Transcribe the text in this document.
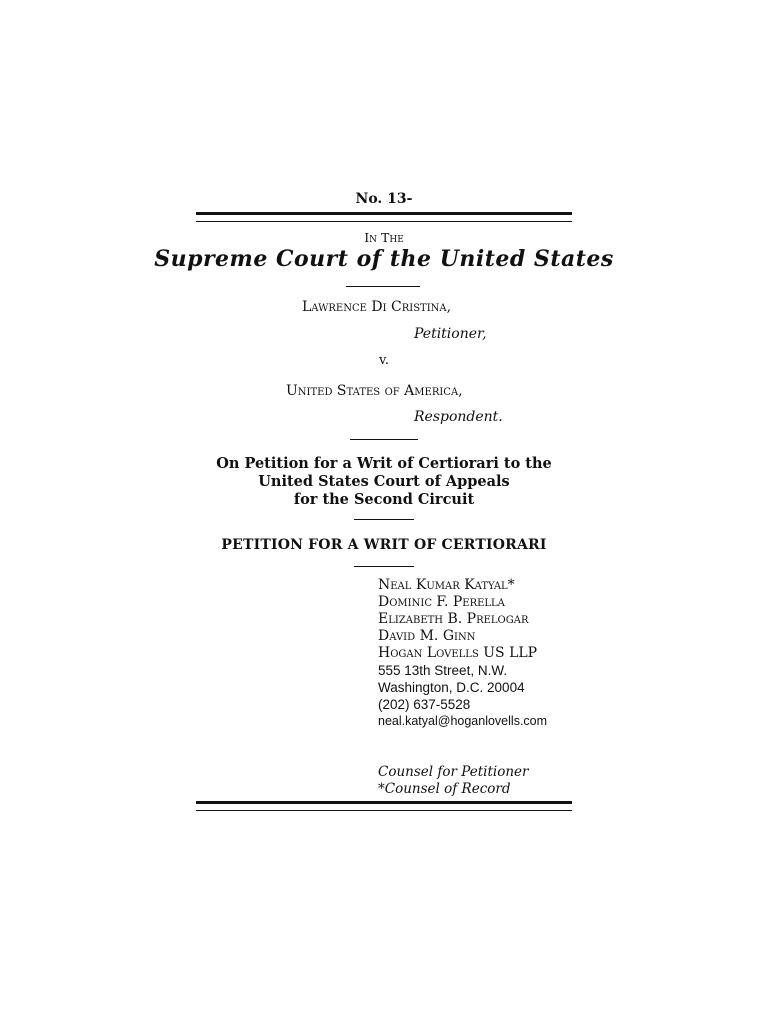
No. 13-
In The
Supreme Court of the United States
Lawrence Di Cristina,
Petitioner,
v.
United States of America,
Respondent.
On Petition for a Writ of Certiorari to the
United States Court of Appeals
for the Second Circuit
PETITION FOR A WRIT OF CERTIORARI
Neal Kumar Katyal*
Dominic F. Perella
Elizabeth B. Prelogar
David M. Ginn
Hogan Lovells US LLP
555 13th Street, N.W.
Washington, D.C. 20004
(202) 637-5528
neal.katyal@hoganlovells.com
Counsel for Petitioner
*Counsel of Record
